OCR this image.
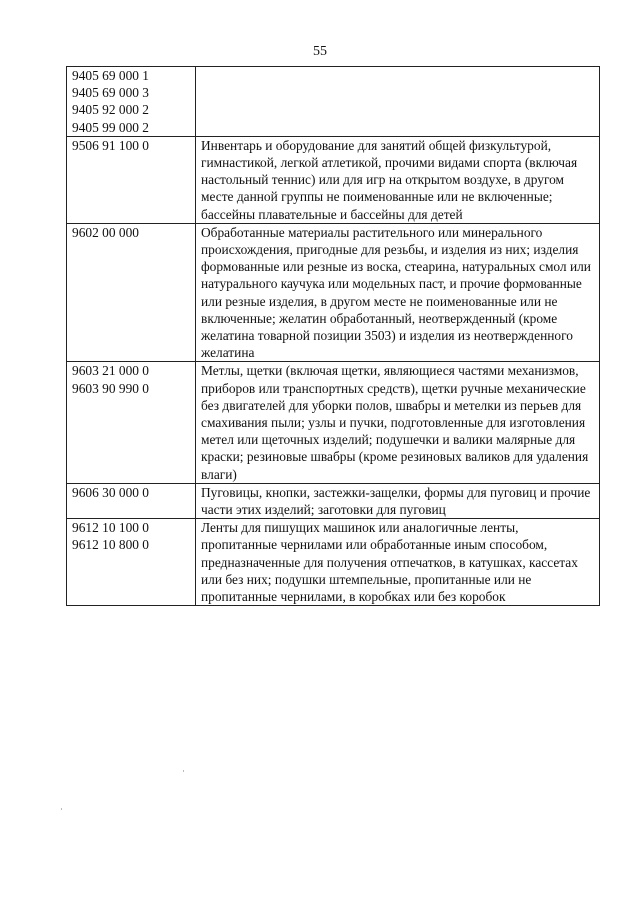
55
9405 69 000 1
9405 69 000 3
9405 92 000 2
9405 99 000 2	

9506 91 100 0	Инвентарь и оборудование для занятий общей физкультурой, гимнастикой, легкой атлетикой, прочими видами спорта (включая настольный теннис) или для игр на открытом воздухе, в другом месте данной группы не поименованные или не включенные; бассейны плавательные и бассейны для детей

9602 00 000	Обработанные материалы растительного или минерального происхождения, пригодные для резьбы, и изделия из них; изделия формованные или резные из воска, стеарина, натуральных смол или натурального каучука или модельных паст, и прочие формованные или резные изделия, в другом месте не поименованные или не включенные; желатин обработанный, неотвержденный (кроме желатина товарной позиции 3503) и изделия из неотвержденного желатина

9603 21 000 0
9603 90 990 0	Метлы, щетки (включая щетки, являющиеся частями механизмов, приборов или транспортных средств), щетки ручные механические без двигателей для уборки полов, швабры и метелки из перьев для смахивания пыли; узлы и пучки, подготовленные для изготовления метел или щеточных изделий; подушечки и валики малярные для краски; резиновые швабры (кроме резиновых валиков для удаления влаги)

9606 30 000 0	Пуговицы, кнопки, застежки-защелки, формы для пуговиц и прочие части этих изделий; заготовки для пуговиц

9612 10 100 0
9612 10 800 0	Ленты для пишущих машинок или аналогичные ленты, пропитанные чернилами или обработанные иным способом, предназначенные для получения отпечатков, в катушках, кассетах или без них; подушки штемпельные, пропитанные или не пропитанные чернилами, в коробках или без коробок
